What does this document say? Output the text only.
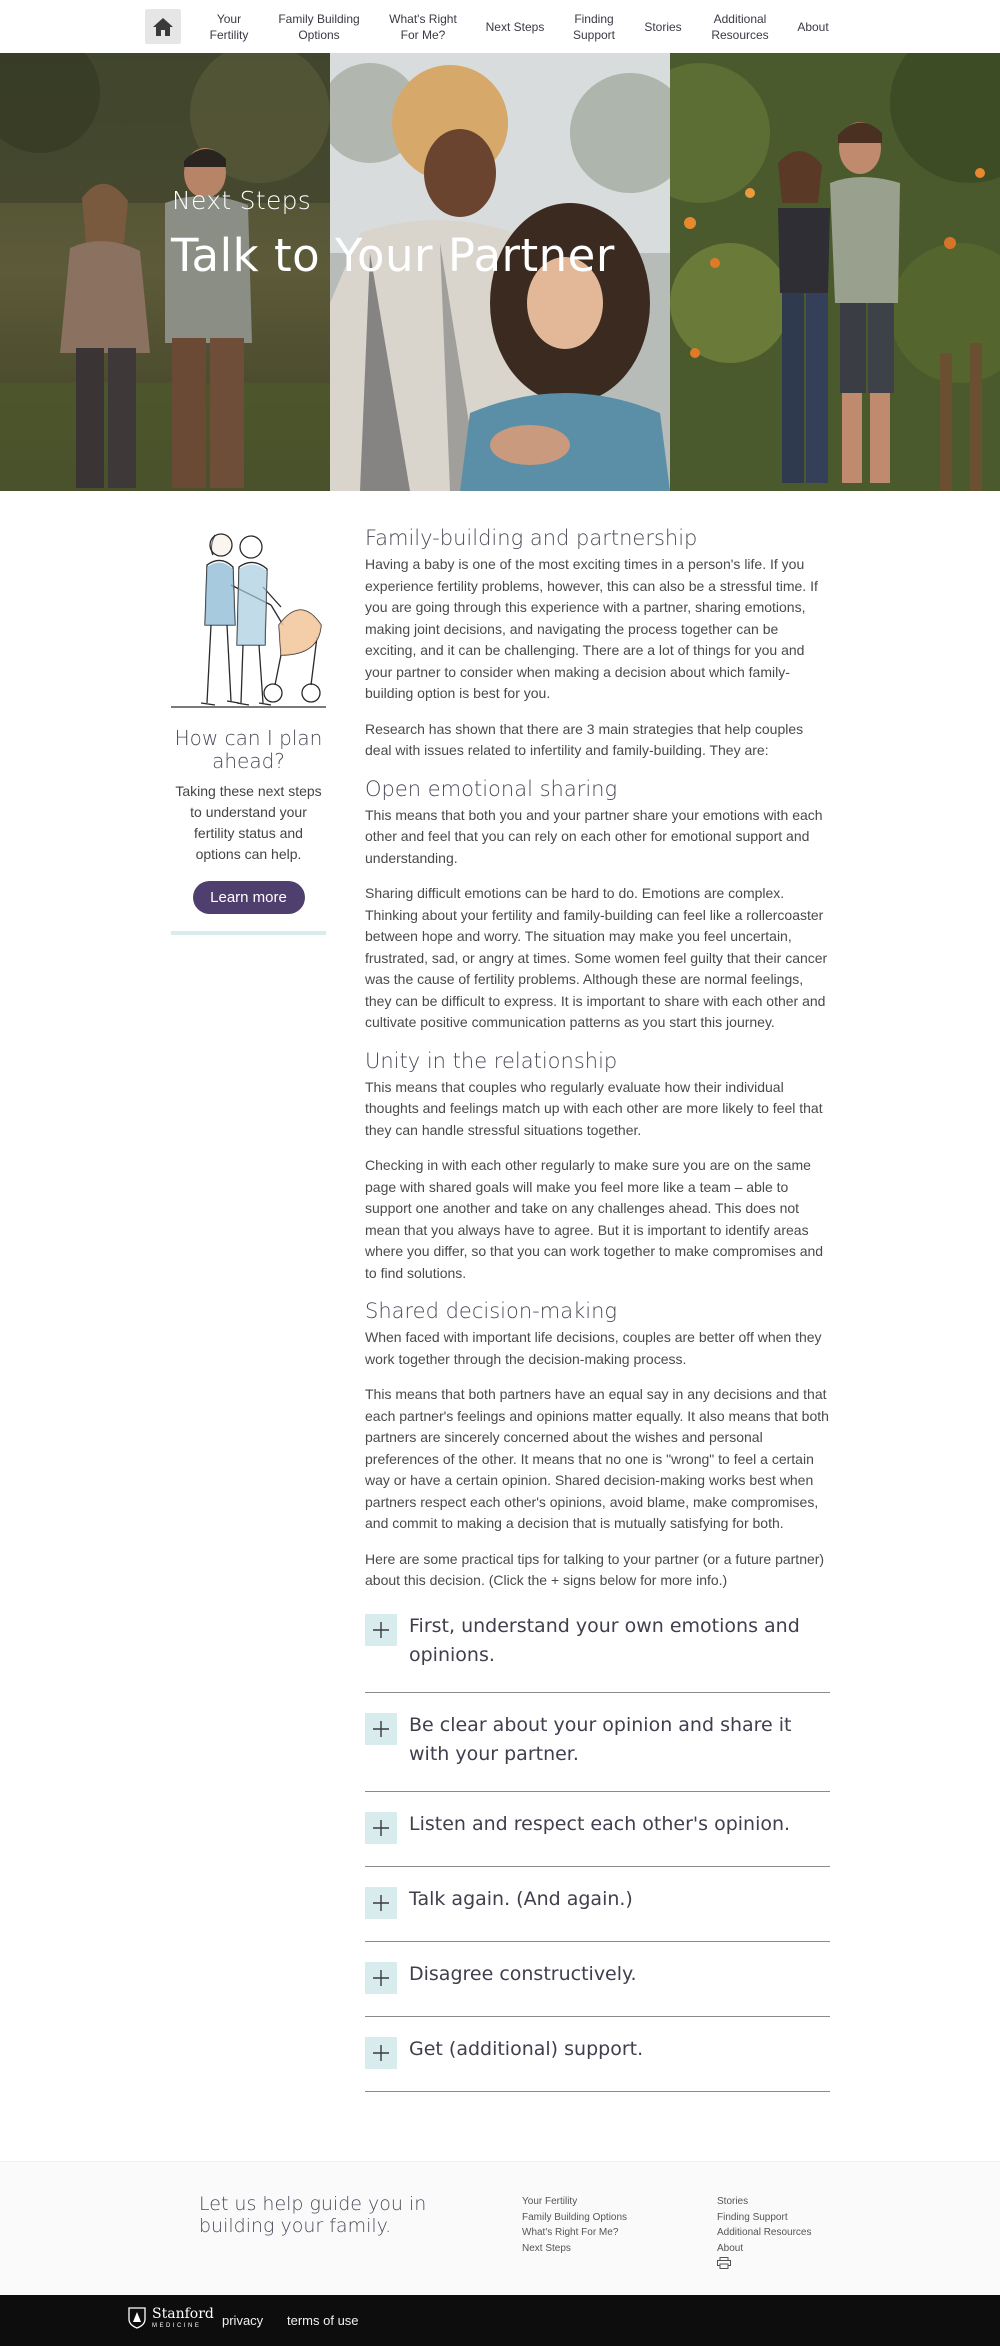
Your
Fertility
Family Building
Options
What's Right
For Me?
Next Steps
Finding
Support
Stories
Additional
Resources
About
Next Steps
Talk to Your Partner
How can I plan ahead?
Taking these next steps to understand your fertility status and options can help.
Learn more
Family-building and partnership

Having a baby is one of the most exciting times in a person's life. If you experience fertility problems, however, this can also be a stressful time. If you are going through this experience with a partner, sharing emotions, making joint decisions, and navigating the process together can be exciting, and it can be challenging. There are a lot of things for you and your partner to consider when making a decision about which family-building option is best for you.

Research has shown that there are 3 main strategies that help couples deal with issues related to infertility and family-building. They are:

Open emotional sharing

This means that both you and your partner share your emotions with each other and feel that you can rely on each other for emotional support and understanding.

Sharing difficult emotions can be hard to do. Emotions are complex. Thinking about your fertility and family-building can feel like a rollercoaster between hope and worry. The situation may make you feel uncertain, frustrated, sad, or angry at times. Some women feel guilty that their cancer was the cause of fertility problems. Although these are normal feelings, they can be difficult to express. It is important to share with each other and cultivate positive communication patterns as you start this journey.

Unity in the relationship

This means that couples who regularly evaluate how their individual thoughts and feelings match up with each other are more likely to feel that they can handle stressful situations together.

Checking in with each other regularly to make sure you are on the same page with shared goals will make you feel more like a team – able to support one another and take on any challenges ahead. This does not mean that you always have to agree. But it is important to identify areas where you differ, so that you can work together to make compromises and to find solutions.

Shared decision-making

When faced with important life decisions, couples are better off when they work together through the decision-making process.

This means that both partners have an equal say in any decisions and that each partner's feelings and opinions matter equally. It also means that both partners are sincerely concerned about the wishes and personal preferences of the other. It means that no one is "wrong" to feel a certain way or have a certain opinion. Shared decision-making works best when partners respect each other's opinions, avoid blame, make compromises, and commit to making a decision that is mutually satisfying for both.

Here are some practical tips for talking to your partner (or a future partner) about this decision. (Click the + signs below for more info.)

First, understand your own emotions and opinions.
Be clear about your opinion and share it with your partner.
Listen and respect each other's opinion.
Talk again. (And again.)
Disagree constructively.
Get (additional) support.
Let us help guide you in building your family.
Your Fertility
Family Building Options
What's Right For Me?
Next Steps
Stories
Finding Support
Additional Resources
About
Stanford
MEDICINE	privacy terms of use
